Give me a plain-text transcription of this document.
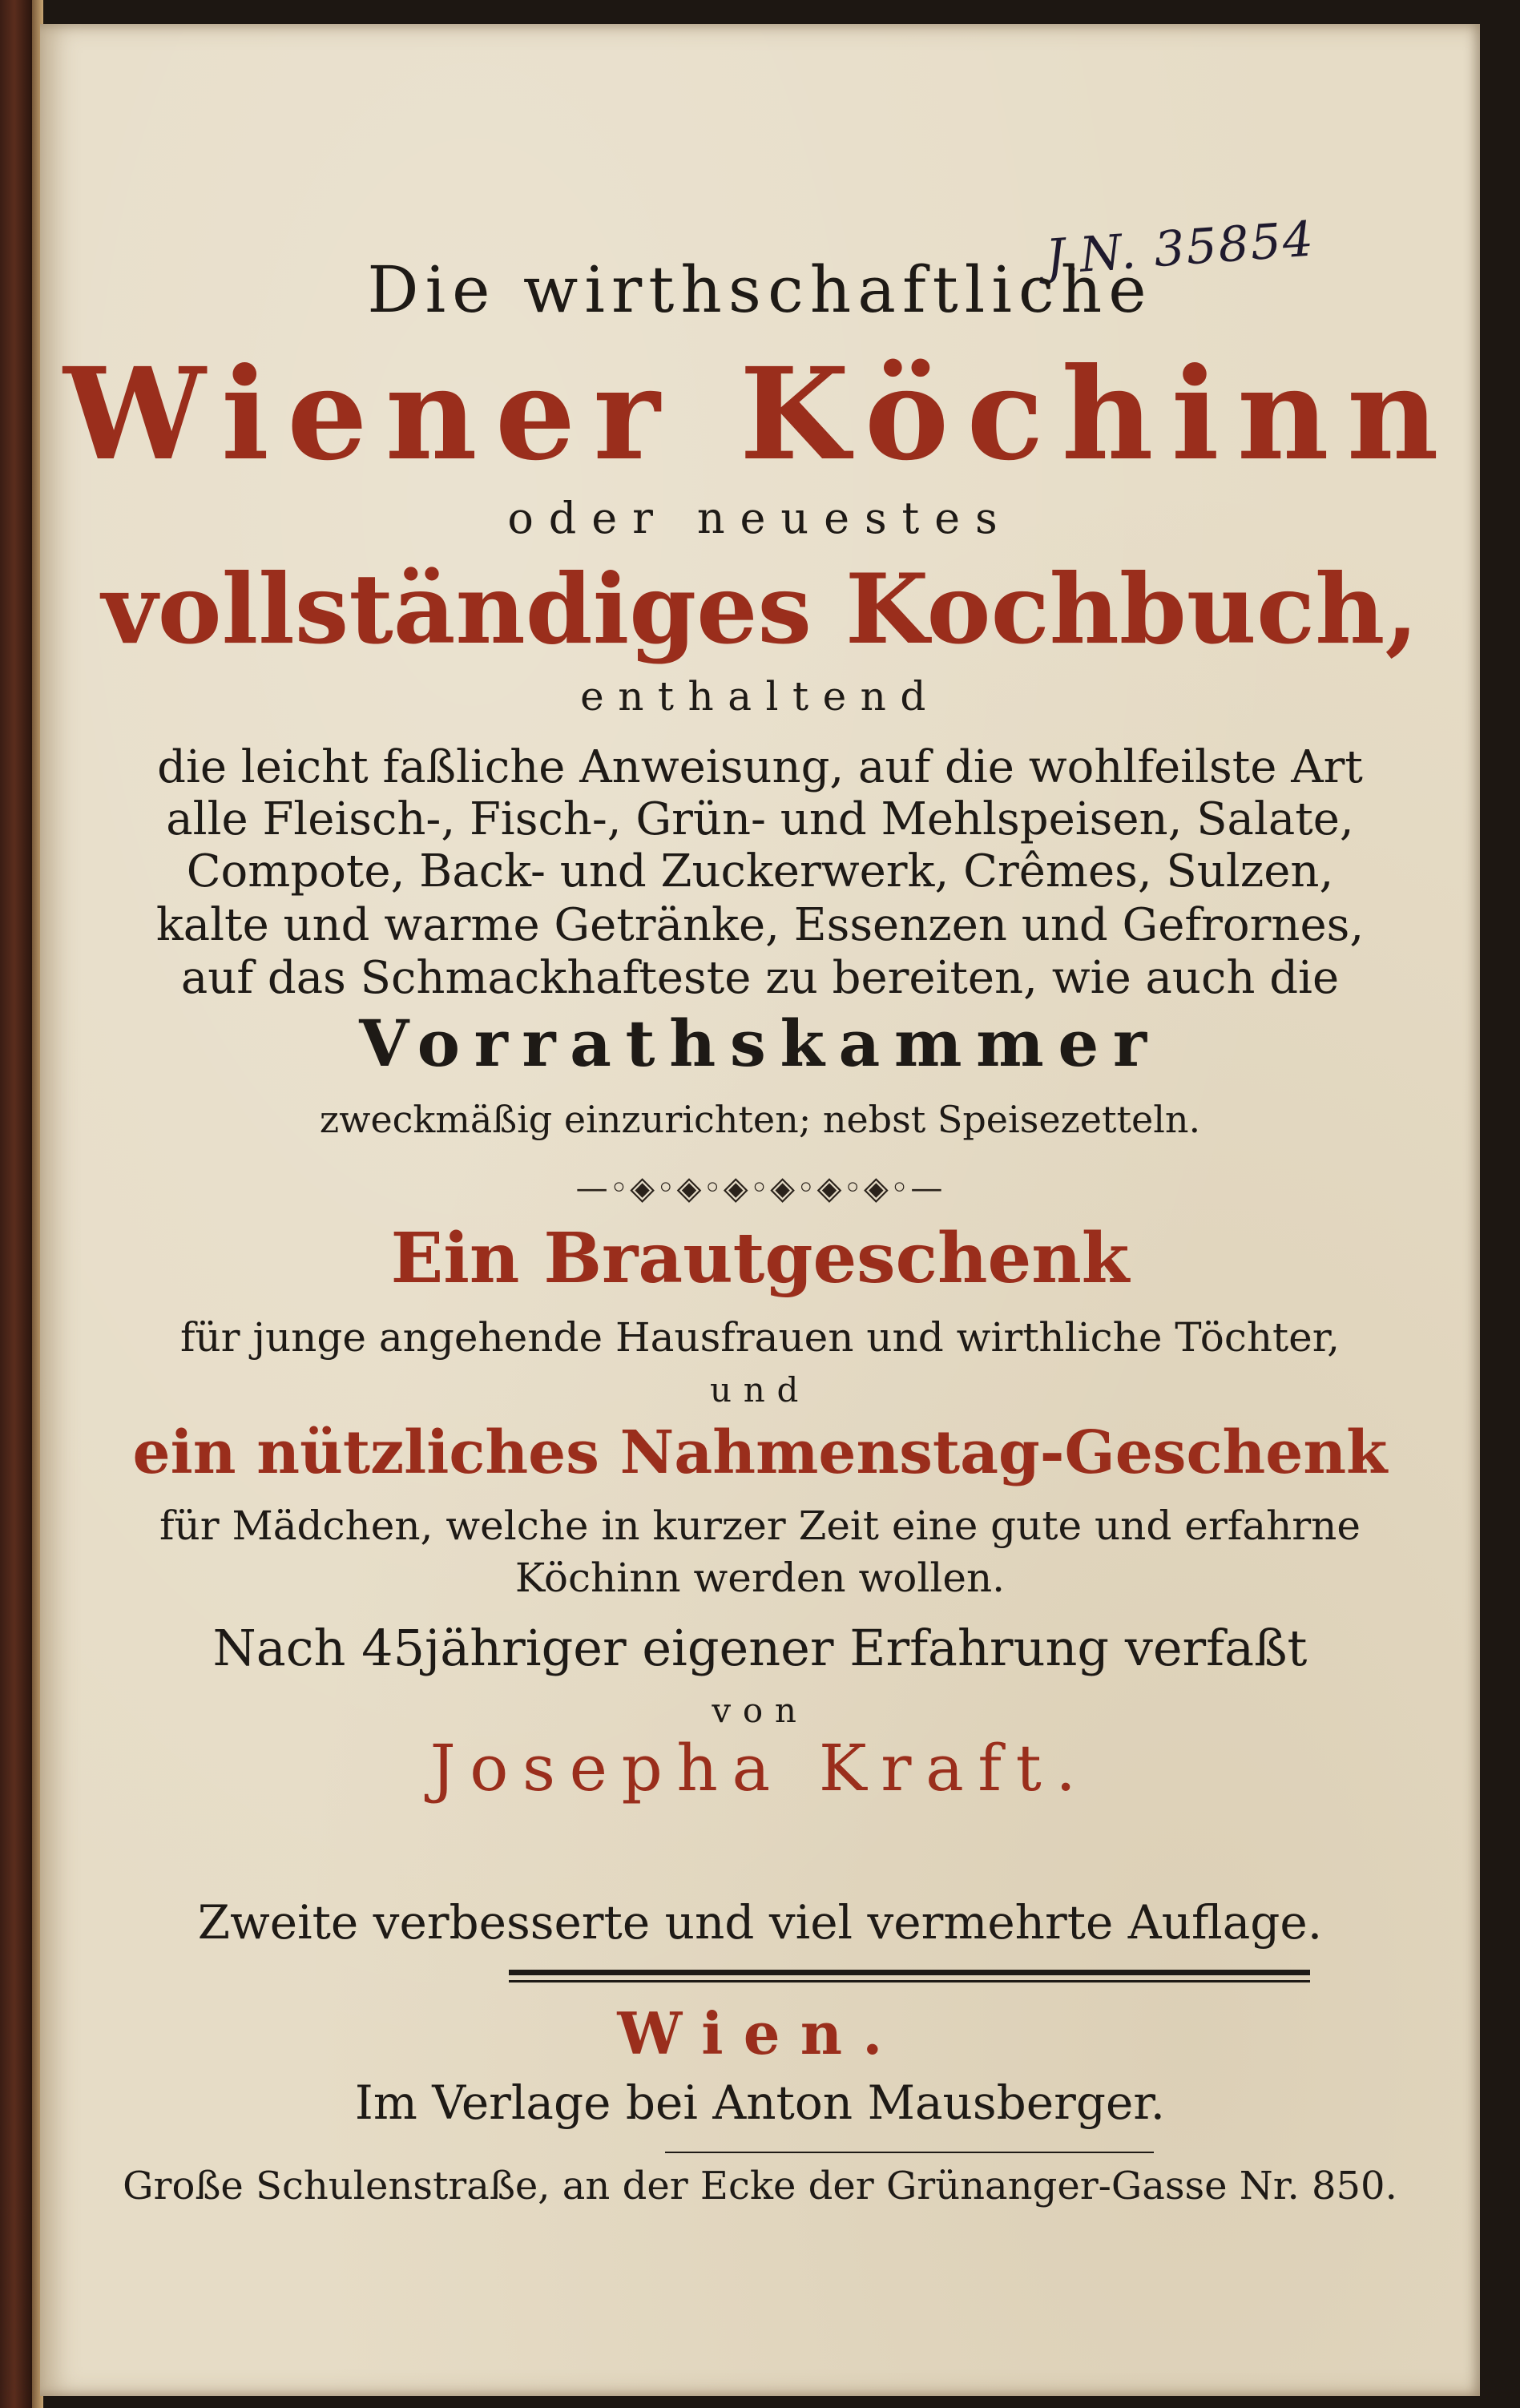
J.N. 35854
Die wirthschaftliche
Wiener Köchinn
oder neuestes
vollständiges Kochbuch,
enthaltend
die leicht faßliche Anweisung, auf die wohlfeilste Art
alle Fleisch-, Fisch-, Grün- und Mehlspeisen, Salate,
Compote, Back- und Zuckerwerk, Crêmes, Sulzen,
kalte und warme Getränke, Essenzen und Gefrornes,
auf das Schmackhafteste zu bereiten, wie auch die
Vorrathskammer
zweckmäßig einzurichten; nebst Speisezetteln.
—◦◈◦◈◦◈◦◈◦◈◦◈◦—
Ein Brautgeschenk
für junge angehende Hausfrauen und wirthliche Töchter,
und
ein nützliches Nahmenstag-Geschenk
für Mädchen, welche in kurzer Zeit eine gute und erfahrne
Köchinn werden wollen.
Nach 45jähriger eigener Erfahrung verfaßt
von
Josepha Kraft.
Zweite verbesserte und viel vermehrte Auflage.
Wien.
Im Verlage bei Anton Mausberger.
Große Schulenstraße, an der Ecke der Grünanger-Gasse Nr. 850.
